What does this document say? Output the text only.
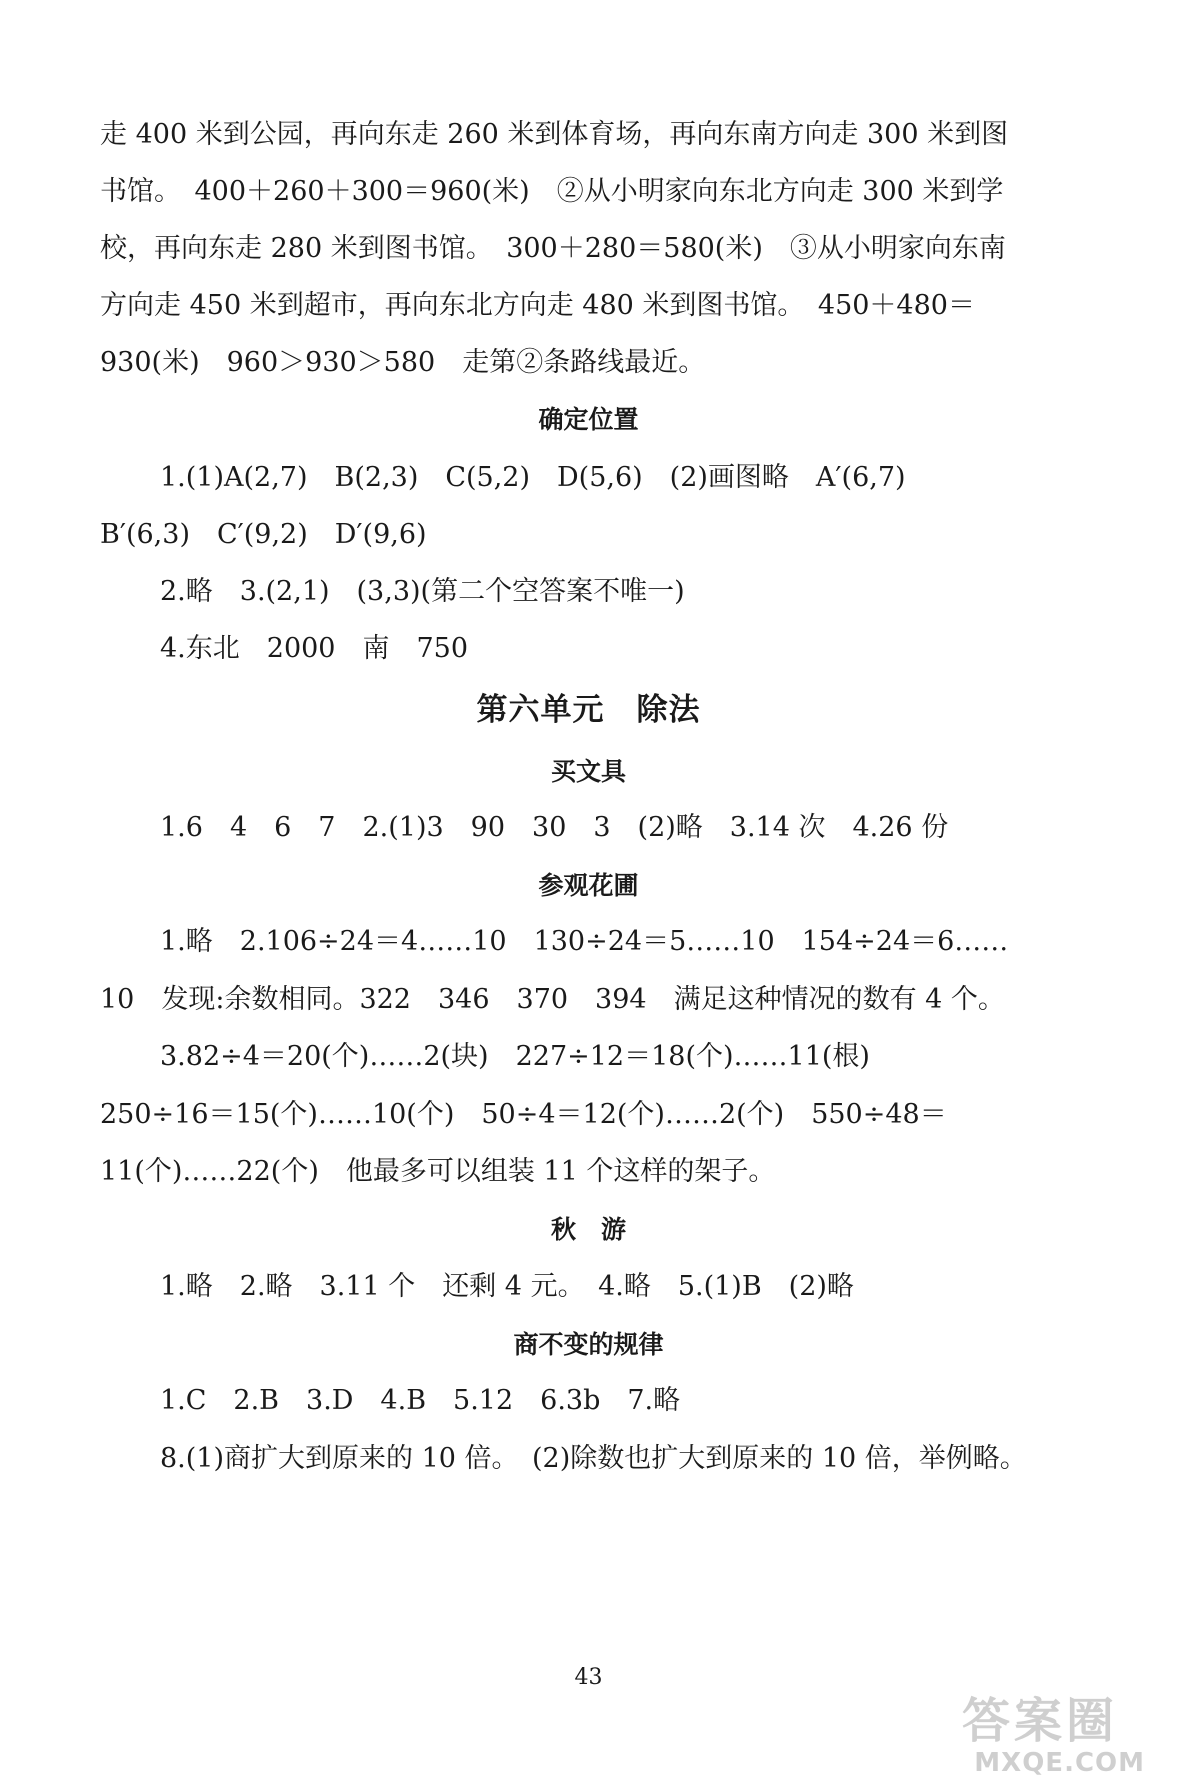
走 400 米到公园，再向东走 260 米到体育场，再向东南方向走 300 米到图
书馆。　400＋260＋300＝960(米)　②从小明家向东北方向走 300 米到学
校，再向东走 280 米到图书馆。　300＋280＝580(米)　③从小明家向东南
方向走 450 米到超市，再向东北方向走 480 米到图书馆。　450＋480＝
930(米)　960＞930＞580　走第②条路线最近。
确定位置
1.(1)A(2,7)　B(2,3)　C(5,2)　D(5,6)　(2)画图略　A′(6,7)
B′(6,3)　C′(9,2)　D′(9,6)
2.略　3.(2,1)　(3,3)(第二个空答案不唯一)
4.东北　2000　南　750
第六单元　除法
买文具
1.6　4　6　7　2.(1)3　90　30　3　(2)略　3.14 次　4.26 份
参观花圃
1.略　2.106÷24＝4……10　130÷24＝5……10　154÷24＝6……
10　发现:余数相同。322　346　370　394　满足这种情况的数有 4 个。
3.82÷4＝20(个)……2(块)　227÷12＝18(个)……11(根)
250÷16＝15(个)……10(个)　50÷4＝12(个)……2(个)　550÷48＝
11(个)……22(个)　他最多可以组装 11 个这样的架子。
秋　游
1.略　2.略　3.11 个　还剩 4 元。　4.略　5.(1)B　(2)略
商不变的规律
1.C　2.B　3.D　4.B　5.12　6.3b　7.略
8.(1)商扩大到原来的 10 倍。　(2)除数也扩大到原来的 10 倍，举例略。
43
答案圈
MXQE.COM
